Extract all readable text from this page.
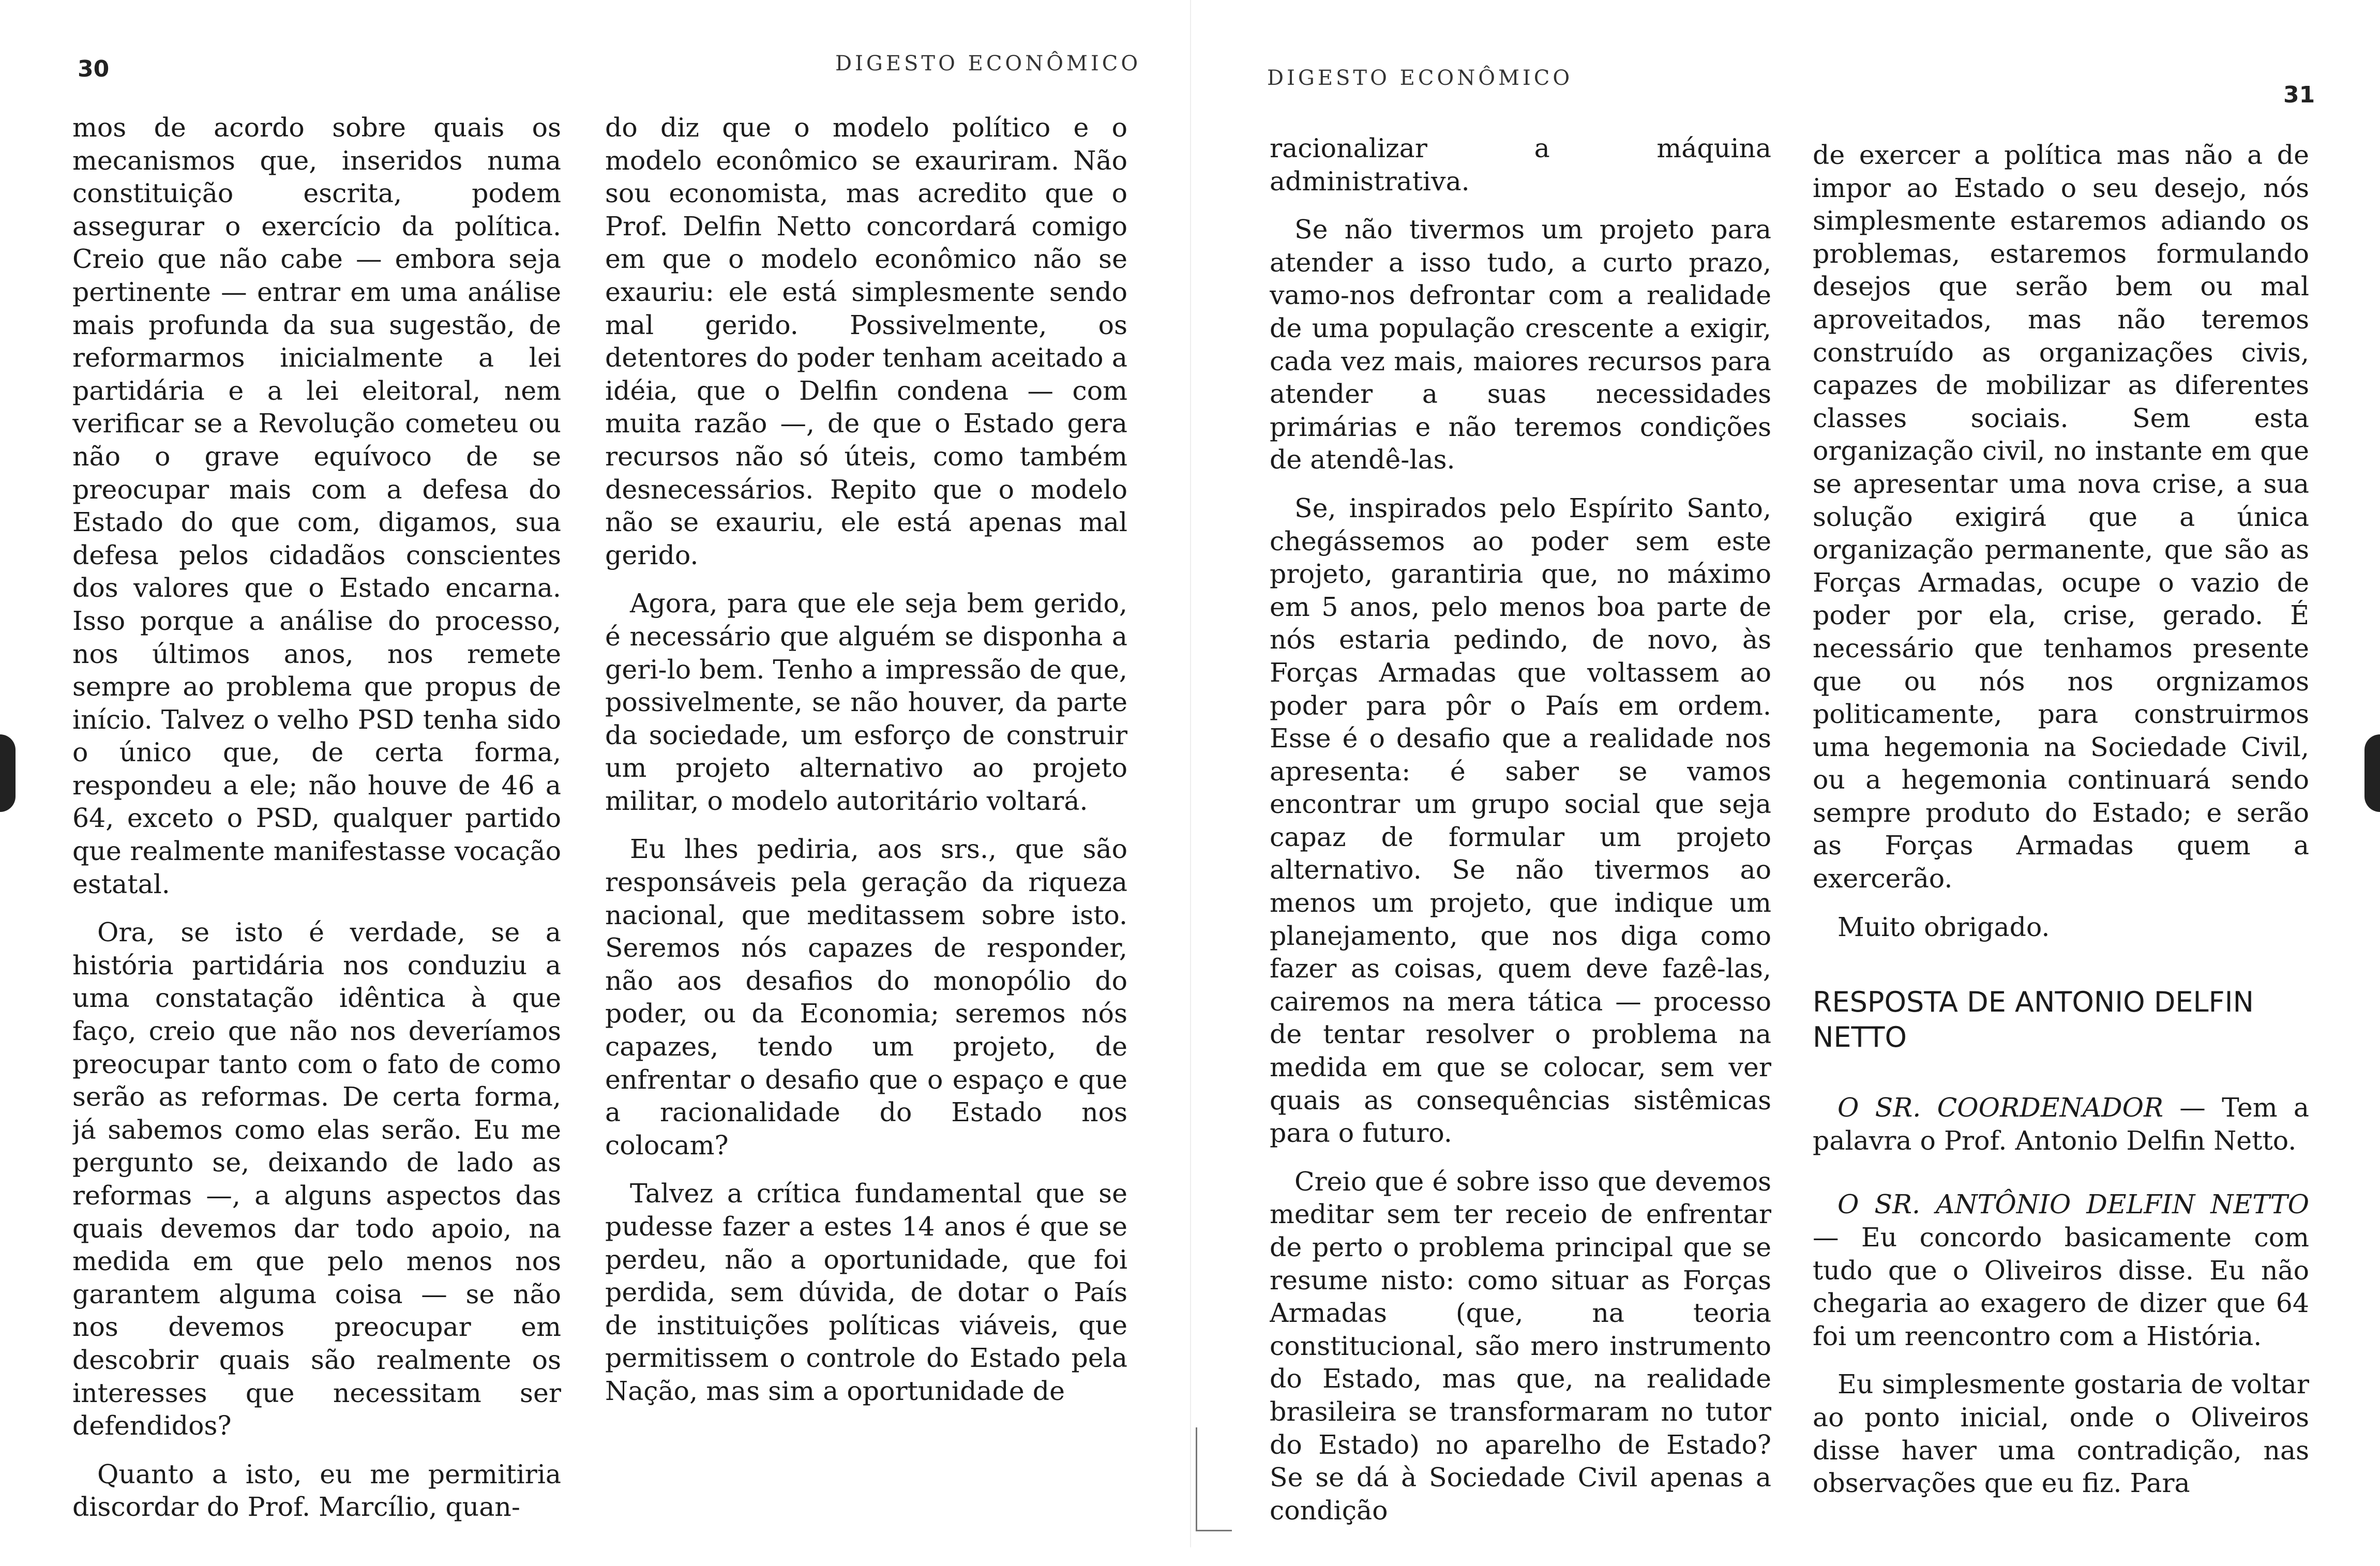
30	DIGESTO ECONÔMICO

mos de acordo sobre quais os mecanismos que, inseridos numa constituição escrita, podem assegurar o exercício da política. Creio que não cabe — embora seja pertinente — entrar em uma análise mais profunda da sua sugestão, de reformarmos inicialmente a lei partidária e a lei eleitoral, nem verificar se a Revolução cometeu ou não o grave equívoco de se preocupar mais com a defesa do Estado do que com, digamos, sua defesa pelos cidadãos conscientes dos valores que o Estado encarna. Isso porque a análise do processo, nos últimos anos, nos remete sempre ao problema que propus de início. Talvez o velho PSD tenha sido o único que, de certa forma, respondeu a ele; não houve de 46 a 64, exceto o PSD, qualquer partido que realmente manifestasse vocação estatal.

Ora, se isto é verdade, se a história partidária nos conduziu a uma constatação idêntica à que faço, creio que não nos deveríamos preocupar tanto com o fato de como serão as reformas. De certa forma, já sabemos como elas serão. Eu me pergunto se, deixando de lado as reformas —, a alguns aspectos das quais devemos dar todo apoio, na medida em que pelo menos nos garantem alguma coisa — se não nos devemos preocupar em descobrir quais são realmente os interesses que necessitam ser defendidos?

Quanto a isto, eu me permitiria discordar do Prof. Marcílio, quan-

do diz que o modelo político e o modelo econômico se exauriram. Não sou economista, mas acredito que o Prof. Delfin Netto concordará comigo em que o modelo econômico não se exauriu: ele está simplesmente sendo mal gerido. Possivelmente, os detentores do poder tenham aceitado a idéia, que o Delfin condena — com muita razão —, de que o Estado gera recursos não só úteis, como também desnecessários. Repito que o modelo não se exauriu, ele está apenas mal gerido.

Agora, para que ele seja bem gerido, é necessário que alguém se disponha a geri-lo bem. Tenho a impressão de que, possivelmente, se não houver, da parte da sociedade, um esforço de construir um projeto alternativo ao projeto militar, o modelo autoritário voltará.

Eu lhes pediria, aos srs., que são responsáveis pela geração da riqueza nacional, que meditassem sobre isto. Seremos nós capazes de responder, não aos desafios do monopólio do poder, ou da Economia; seremos nós capazes, tendo um projeto, de enfrentar o desafio que o espaço e que a racionalidade do Estado nos colocam?

Talvez a crítica fundamental que se pudesse fazer a estes 14 anos é que se perdeu, não a oportunidade, que foi perdida, sem dúvida, de dotar o País de instituições políticas viáveis, que permitissem o controle do Estado pela Nação, mas sim a oportunidade de

DIGESTO ECONÔMICO
31

racionalizar a máquina administrativa.

Se não tivermos um projeto para atender a isso tudo, a curto prazo, vamo-nos defrontar com a realidade de uma população crescente a exigir, cada vez mais, maiores recursos para atender a suas necessidades primárias e não teremos condições de atendê-las.

Se, inspirados pelo Espírito Santo, chegássemos ao poder sem este projeto, garantiria que, no máximo em 5 anos, pelo menos boa parte de nós estaria pedindo, de novo, às Forças Armadas que voltassem ao poder para pôr o País em ordem. Esse é o desafio que a realidade nos apresenta: é saber se vamos encontrar um grupo social que seja capaz de formular um projeto alternativo. Se não tivermos ao menos um projeto, que indique um planejamento, que nos diga como fazer as coisas, quem deve fazê-las, cairemos na mera tática — processo de tentar resolver o problema na medida em que se colocar, sem ver quais as consequências sistêmicas para o futuro.

Creio que é sobre isso que devemos meditar sem ter receio de enfrentar de perto o problema principal que se resume nisto: como situar as Forças Armadas (que, na teoria constitucional, são mero instrumento do Estado, mas que, na realidade brasileira se transformaram no tutor do Estado) no aparelho de Estado? Se se dá à Sociedade Civil apenas a condição

de exercer a política mas não a de impor ao Estado o seu desejo, nós simplesmente estaremos adiando os problemas, estaremos formulando desejos que serão bem ou mal aproveitados, mas não teremos construído as organizações civis, capazes de mobilizar as diferentes classes sociais. Sem esta organização civil, no instante em que se apresentar uma nova crise, a sua solução exigirá que a única organização permanente, que são as Forças Armadas, ocupe o vazio de poder por ela, crise, gerado. É necessário que tenhamos presente que ou nós nos orgnizamos politicamente, para construirmos uma hegemonia na Sociedade Civil, ou a hegemonia continuará sendo sempre produto do Estado; e serão as Forças Armadas quem a exercerão.

Muito obrigado.

RESPOSTA DE ANTONIO DELFIN NETTO

O SR. COORDENADOR — Tem a palavra o Prof. Antonio Delfin Netto.

O SR. ANTÔNIO DELFIN NETTO — Eu concordo basicamente com tudo que o Oliveiros disse. Eu não chegaria ao exagero de dizer que 64 foi um reencontro com a História.

Eu simplesmente gostaria de voltar ao ponto inicial, onde o Oliveiros disse haver uma contradição, nas observações que eu fiz. Para
